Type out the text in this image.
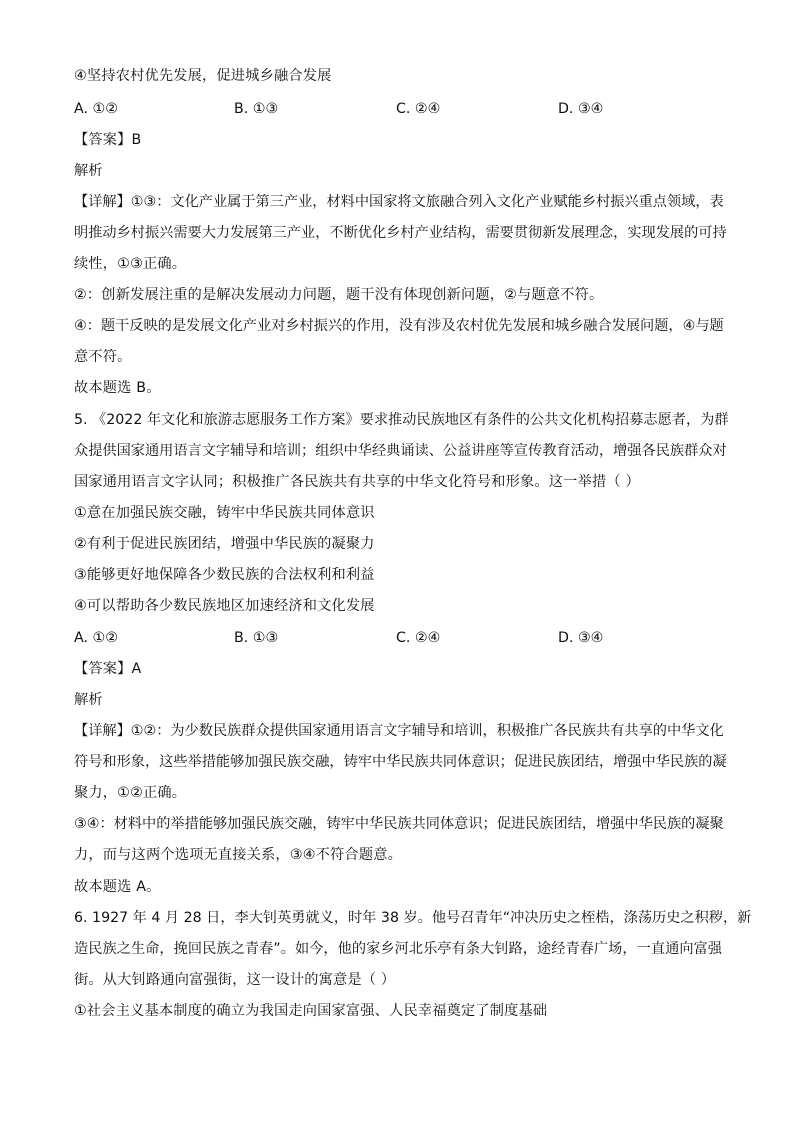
④坚持农村优先发展，促进城乡融合发展
A. ①②	B. ①③	C. ②④	D. ③④
【答案】B
解析
【详解】①③：文化产业属于第三产业，材料中国家将文旅融合列入文化产业赋能乡村振兴重点领域，表
明推动乡村振兴需要大力发展第三产业，不断优化乡村产业结构，需要贯彻新发展理念，实现发展的可持
续性，①③正确。
②：创新发展注重的是解决发展动力问题，题干没有体现创新问题，②与题意不符。
④：题干反映的是发展文化产业对乡村振兴的作用，没有涉及农村优先发展和城乡融合发展问题，④与题
意不符。
故本题选 B。
5. 《2022 年文化和旅游志愿服务工作方案》要求推动民族地区有条件的公共文化机构招募志愿者，为群
众提供国家通用语言文字辅导和培训；组织中华经典诵读、公益讲座等宣传教育活动，增强各民族群众对
国家通用语言文字认同；积极推广各民族共有共享的中华文化符号和形象。这一举措（ ）
①意在加强民族交融，铸牢中华民族共同体意识
②有利于促进民族团结，增强中华民族的凝聚力
③能够更好地保障各少数民族的合法权利和利益
④可以帮助各少数民族地区加速经济和文化发展
A. ①②	B. ①③	C. ②④	D. ③④
【答案】A
解析
【详解】①②：为少数民族群众提供国家通用语言文字辅导和培训，积极推广各民族共有共享的中华文化
符号和形象，这些举措能够加强民族交融，铸牢中华民族共同体意识；促进民族团结，增强中华民族的凝
聚力，①②正确。
③④：材料中的举措能够加强民族交融，铸牢中华民族共同体意识；促进民族团结，增强中华民族的凝聚
力，而与这两个选项无直接关系，③④不符合题意。
故本题选 A。
6. 1927 年 4 月 28 日，李大钊英勇就义，时年 38 岁。他号召青年“冲决历史之桎梏，涤荡历史之积秽，新
造民族之生命，挽回民族之青春”。如今，他的家乡河北乐亭有条大钊路，途经青春广场，一直通向富强
街。从大钊路通向富强街，这一设计的寓意是（ ）
①社会主义基本制度的确立为我国走向国家富强、人民幸福奠定了制度基础
